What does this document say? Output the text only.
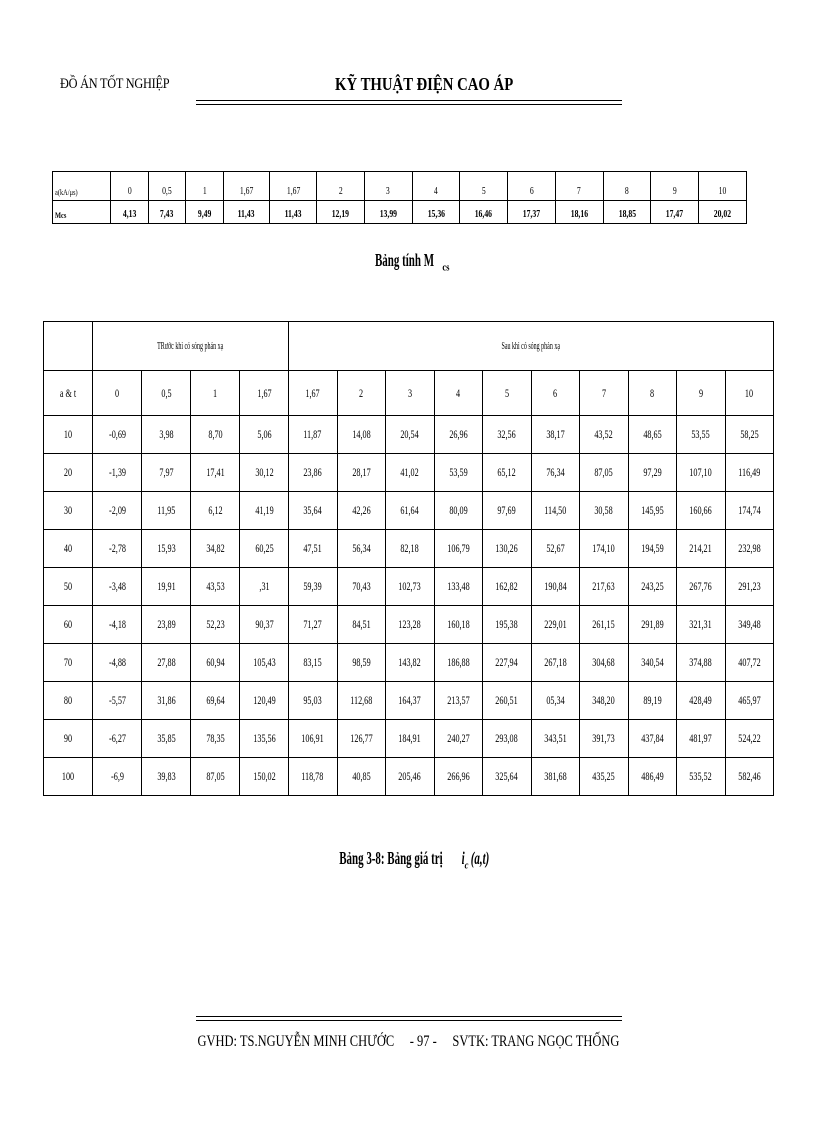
ĐỒ ÁN TỐT NGHIỆP	KỸ THUẬT ĐIỆN CAO ÁP
a(kA/μs)	0	0,5	1	1,67	1,67	2	3	4	5	6	7	8	9	10
Mcs	4,13	7,43	9,49	11,43	11,43	12,19	13,99	15,36	16,46	17,37	18,16	18,85	17,47	20,02
Bảng tính M $_{cs}$
	TRước khi có sóng phản xạ				Sau khi có sóng phản xạ									
a & t	0	0,5	1	1,67	1,67	2	3	4	5	6	7	8	9	10
10	-0,69	3,98	8,70	5,06	11,87	14,08	20,54	26,96	32,56	38,17	43,52	48,65	53,55	58,25
20	-1,39	7,97	17,41	30,12	23,86	28,17	41,02	53,59	65,12	76,34	87,05	97,29	107,10	116,49
30	-2,09	11,95	6,12	41,19	35,64	42,26	61,64	80,09	97,69	114,50	30,58	145,95	160,66	174,74
40	-2,78	15,93	34,82	60,25	47,51	56,34	82,18	106,79	130,26	52,67	174,10	194,59	214,21	232,98
50	-3,48	19,91	43,53	,31	59,39	70,43	102,73	133,48	162,82	190,84	217,63	243,25	267,76	291,23
60	-4,18	23,89	52,23	90,37	71,27	84,51	123,28	160,18	195,38	229,01	261,15	291,89	321,31	349,48
70	-4,88	27,88	60,94	105,43	83,15	98,59	143,82	186,88	227,94	267,18	304,68	340,54	374,88	407,72
80	-5,57	31,86	69,64	120,49	95,03	112,68	164,37	213,57	260,51	05,34	348,20	89,19	428,49	465,97
90	-6,27	35,85	78,35	135,56	106,91	126,77	184,91	240,27	293,08	343,51	391,73	437,84	481,97	524,22
100	-6,9	39,83	87,05	150,02	118,78	40,85	205,46	266,96	325,64	381,68	435,25	486,49	535,52	582,46
Bảng 3-8: Bảng giá trị $i_c$ (a,t)
GVHD: TS.NGUYỄN MINH CHƯỚC - 97 - SVTK: TRANG NGỌC THỐNG
